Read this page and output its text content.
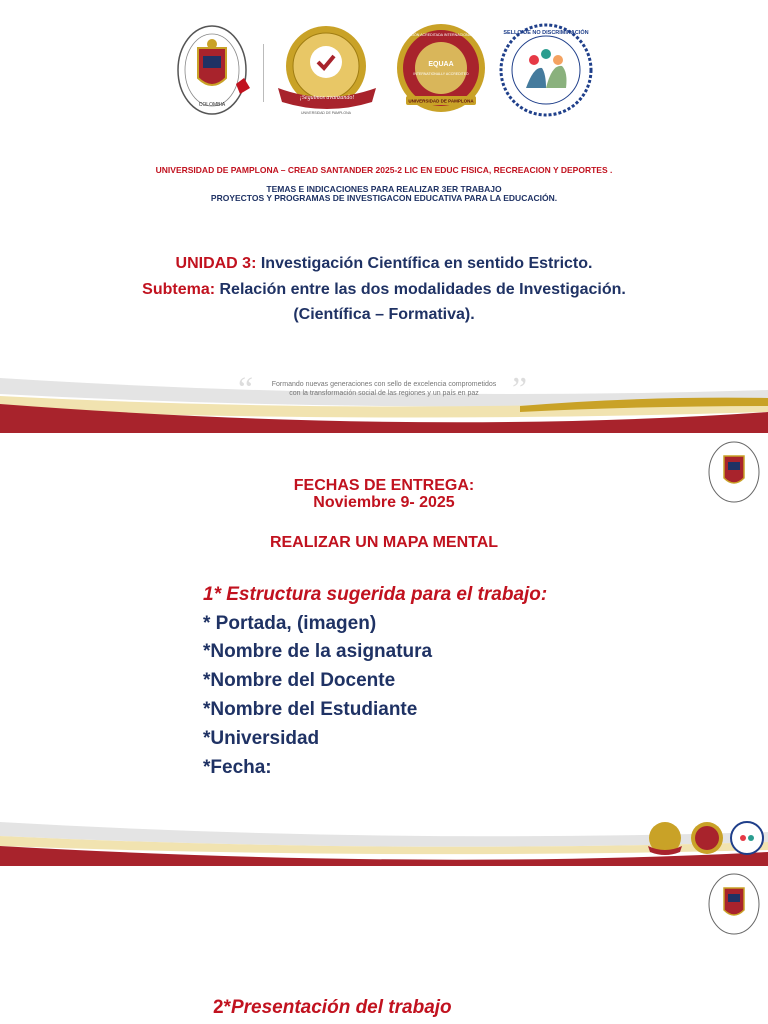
COLOMBIA
¡Seguimos avanzando!
UNIVERSIDAD DE PAMPLONA
EQUAA
INTERNATIONALLY ACCREDITED
UNIVERSIDAD DE PAMPLONA
INSTITUCIÓN ACREDITADA INTERNACIONALMENTE	SELLO DE NO DISCRIMINACIÓN
UNIVERSIDAD DE PAMPLONA – CREAD SANTANDER 2025-2 LIC EN EDUC FISICA, RECREACION Y DEPORTES .
TEMAS E INDICACIONES PARA REALIZAR 3ER TRABAJO
PROYECTOS Y PROGRAMAS DE INVESTIGACON EDUCATIVA PARA LA EDUCACIÓN.
UNIDAD 3: Investigación Científica en sentido Estricto.
Subtema: Relación entre las dos modalidades de Investigación.
(Científica – Formativa).
“	”
Formando nuevas generaciones con sello de excelencia comprometidos
con la transformación social de las regiones y un país en paz
FECHAS DE ENTREGA:
Noviembre 9- 2025
REALIZAR UN MAPA MENTAL
1* Estructura sugerida para el trabajo:
* Portada, (imagen)
*Nombre de la asignatura
*Nombre del Docente
*Nombre del Estudiante
*Universidad
*Fecha:
2*Presentación del trabajo
